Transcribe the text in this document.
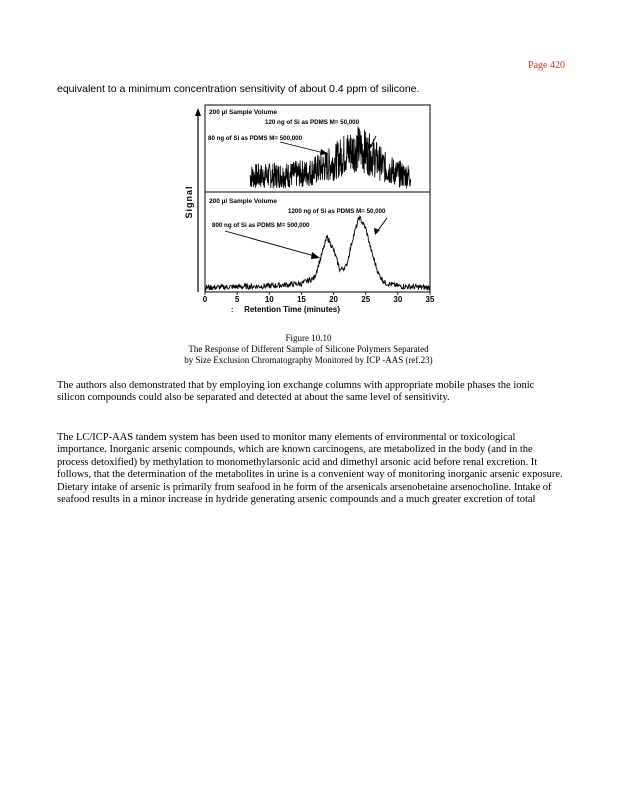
Page 420
equivalent to a minimum concentration sensitivity of about 0.4 ppm of silicone.
Signal
200 µl Sample Volume
120 ng of Si as PDMS M= 50,000
80 ng of Si as PDMS M= 500,000
200 µl Sample Volume
1200 ng of Si as PDMS M= 50,000
800 ng of Si as PDMS M= 500,000
0	5	10	15	20	25	30	35
: Retention Time (minutes)
Figure 10.10
The Response of Different Sample of Silicone Polymers Separated
by Size Exclusion Chromatography Monitored by ICP -AAS (ref.23)

The authors also demonstrated that by employing ion exchange columns with appropriate mobile phases the ionic silicon compounds could also be separated and detected at about the same level of sensitivity.

The LC/ICP-AAS tandem system has been used to monitor many elements of environmental or toxicological importance. Inorganic arsenic compounds, which are known carcinogens, are metabolized in the body (and in the process detoxified) by methylation to monomethylarsonic acid and dimethyl arsonic acid before renal excretion. It follows, that the determination of the metabolites in urine is a convenient way of monitoring inorganic arsenic exposure. Dietary intake of arsenic is primarily from seafood in he form of the arsenicals arsenobetaine arsenocholine. Intake of seafood results in a minor increase in hydride generating arsenic compounds and a much greater excretion of total
